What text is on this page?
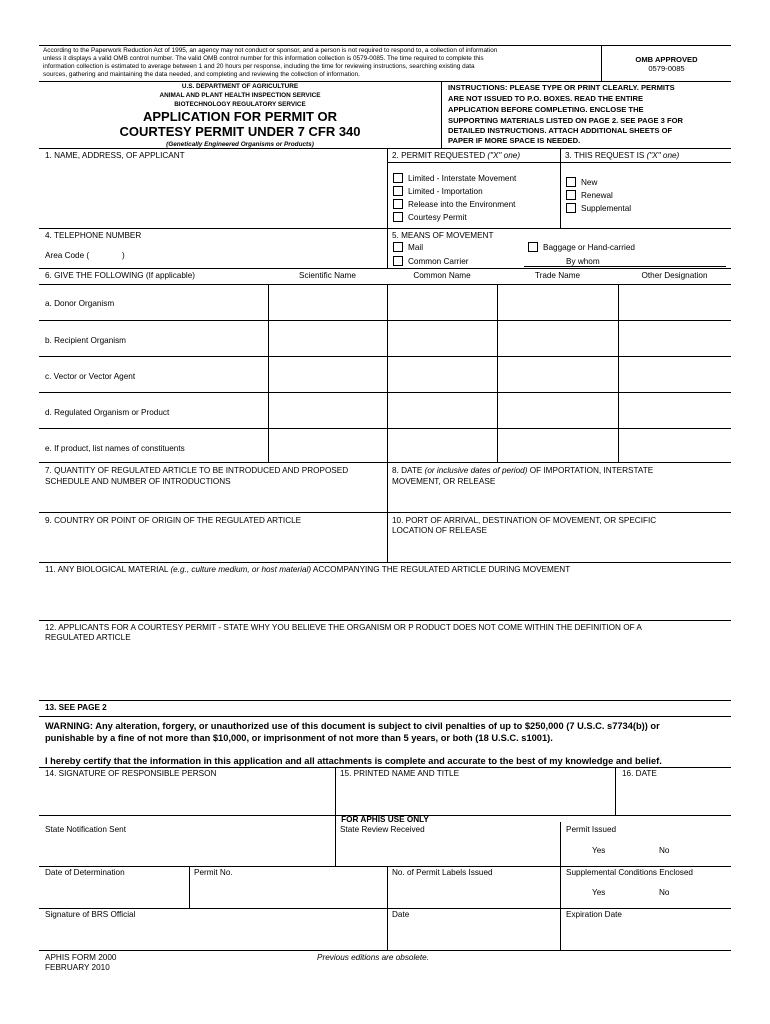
According to the Paperwork Reduction Act of 1995, an agency may not conduct or sponsor, and a person is not required to respond to, a collection of information
unless it displays a valid OMB control number. The valid OMB control number for this information collection is 0579-0085. The time required to complete this
information collection is estimated to average between 1 and 20 hours per response, including the time for reviewing instructions, searching existing data
sources, gathering and maintaining the data needed, and completing and reviewing the collection of information.
OMB APPROVED
0579-0085
U.S. DEPARTMENT OF AGRICULTURE
ANIMAL AND PLANT HEALTH INSPECTION SERVICE
BIOTECHNOLOGY REGULATORY SERVICE
APPLICATION FOR PERMIT OR
COURTESY PERMIT UNDER 7 CFR 340
(Genetically Engineered Organisms or Products)
INSTRUCTIONS: PLEASE TYPE OR PRINT CLEARLY. PERMITS
ARE NOT ISSUED TO P.O. BOXES. READ THE ENTIRE
APPLICATION BEFORE COMPLETING. ENCLOSE THE
SUPPORTING MATERIALS LISTED ON PAGE 2. SEE PAGE 3 FOR
DETAILED INSTRUCTIONS. ATTACH ADDITIONAL SHEETS OF
PAPER IF MORE SPACE IS NEEDED.
1. NAME, ADDRESS, OF APPLICANT	2. PERMIT REQUESTED ("X" one)	3. THIS REQUEST IS ("X" one)
Limited - Interstate Movement
Limited - Importation
Release into the Environment
Courtesy Permit
New
Renewal
Supplemental
4. TELEPHONE NUMBER
Area Code (	)
5. MEANS OF MOVEMENT
Mail
Common Carrier
Baggage or Hand-carried
By whom
6. GIVE THE FOLLOWING (If applicable)	Scientific Name	Common Name	Trade Name	Other Designation
a. Donor Organism
b. Recipient Organism
c. Vector or Vector Agent
d. Regulated Organism or Product
e. If product, list names of constituents
7. QUANTITY OF REGULATED ARTICLE TO BE INTRODUCED AND PROPOSED
SCHEDULE AND NUMBER OF INTRODUCTIONS
8. DATE (or inclusive dates of period) OF IMPORTATION, INTERSTATE
MOVEMENT, OR RELEASE
9. COUNTRY OR POINT OF ORIGIN OF THE REGULATED ARTICLE	10. PORT OF ARRIVAL, DESTINATION OF MOVEMENT, OR SPECIFIC
LOCATION OF RELEASE
11. ANY BIOLOGICAL MATERIAL (e.g., culture medium, or host material) ACCOMPANYING THE REGULATED ARTICLE DURING MOVEMENT
12. APPLICANTS FOR A COURTESY PERMIT - STATE WHY YOU BELIEVE THE ORGANISM OR P RODUCT DOES NOT COME WITHIN THE DEFINITION OF A
REGULATED ARTICLE
13. SEE PAGE 2
WARNING: Any alteration, forgery, or unauthorized use of this document is subject to civil penalties of up to $250,000 (7 U.S.C. s7734(b)) or
punishable by a fine of not more than $10,000, or imprisonment of not more than 5 years, or both (18 U.S.C. s1001).
I hereby certify that the information in this application and all attachments is complete and accurate to the best of my knowledge and belief.
14. SIGNATURE OF RESPONSIBLE PERSON	15. PRINTED NAME AND TITLE	16. DATE
FOR APHIS USE ONLY
State Notification Sent	State Review Received	Permit Issued
Yes	No
Date of Determination	Permit No.	No. of Permit Labels Issued	Supplemental Conditions Enclosed
Yes	No
Signature of BRS Official	Date	Expiration Date
APHIS FORM 2000
FEBRUARY 2010
Previous editions are obsolete.
